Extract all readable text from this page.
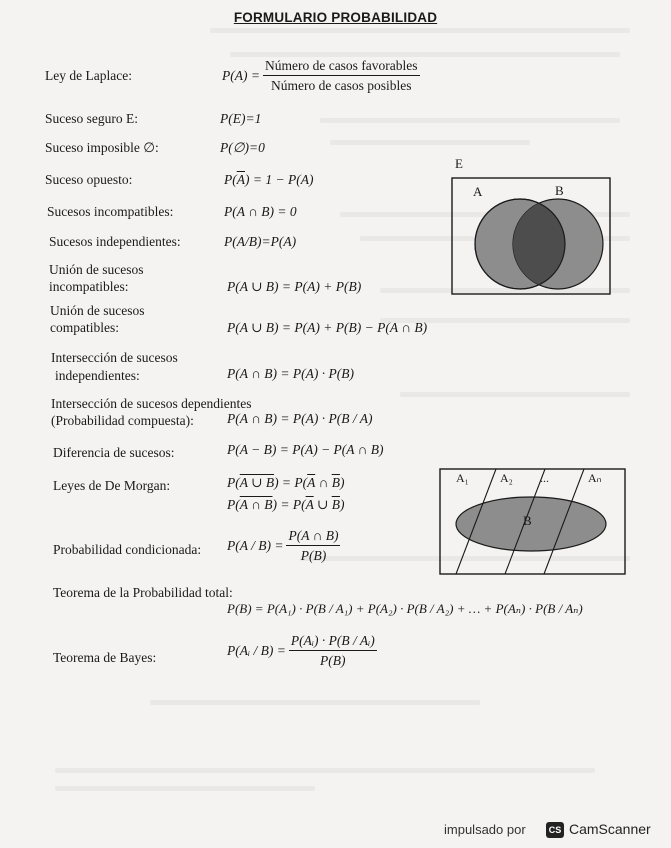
FORMULARIO PROBABILIDAD
Ley de Laplace:	$P(A) = \frac{\text{Número de casos favorables}}{\text{Número de casos posibles}}$
Suceso seguro E:	P(E)=1
Suceso imposible ∅:	P(∅)=0
Suceso opuesto:	$P(\overline{A}) = 1 - P(A)$
Sucesos incompatibles:	P(A ∩ B) = 0
Sucesos independientes:	P(A/B)=P(A)
Unión de sucesos
incompatibles:	P(A ∪ B) = P(A) + P(B)
Unión de sucesos
compatibles:	P(A ∪ B) = P(A) + P(B) − P(A ∩ B)
Intersección de sucesos
independientes:	P(A ∩ B) = P(A) · P(B)
Intersección de sucesos dependientes
(Probabilidad compuesta): P(A ∩ B) = P(A) · P(B / A)
Diferencia de sucesos:	P(A − B) = P(A) − P(A ∩ B)
Leyes de De Morgan:	P(A ∪ $B) = P(\overline{A}$ ∩ $\overline{B}$)
P(A ∩ $B) = P(\overline{A}$ ∪ $\overline{B}$)
Probabilidad condicionada: $P(A / B) = \frac{P(A \cap B)}{P(B)}$
Teorema de la Probabilidad total:
P(B) = P(A₁) · P(B / A₁) + P(A₂) · P(B / A₂) + … + P(Aₙ) · P(B / Aₙ)
Teorema de Bayes:	P(Aᵢ / $B) = \frac{\text{P(Aᵢ) · P(B / Aᵢ)}}{P(B)}$
E
A	B
A₁	A₂ ...	Aₙ
B
impulsado por	CS CamScanner
